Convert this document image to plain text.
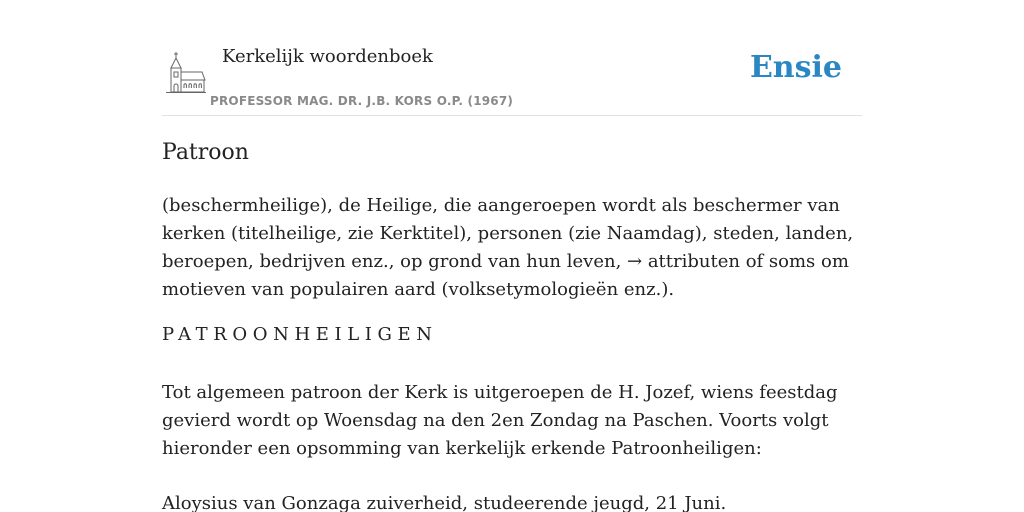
Kerkelijk woordenboek
PROFESSOR MAG. DR. J.B. KORS O.P. (1967)
Ensie
Patroon

(beschermheilige), de Heilige, die aangeroepen wordt als beschermer van kerken (titelheilige, zie Kerktitel), personen (zie Naamdag), steden, landen, beroepen, bedrijven enz., op grond van hun leven, → attributen of soms om motieven van populairen aard (volksetymologieën enz.).

PATROONHEILIGEN

Tot algemeen patroon der Kerk is uitgeroepen de H. Jozef, wiens feestdag gevierd wordt op Woensdag na den 2en Zondag na Paschen. Voorts volgt hieronder een opsomming van kerkelijk erkende Patroonheiligen:

Aloysius van Gonzaga zuiverheid, studeerende jeugd, 21 Juni.
